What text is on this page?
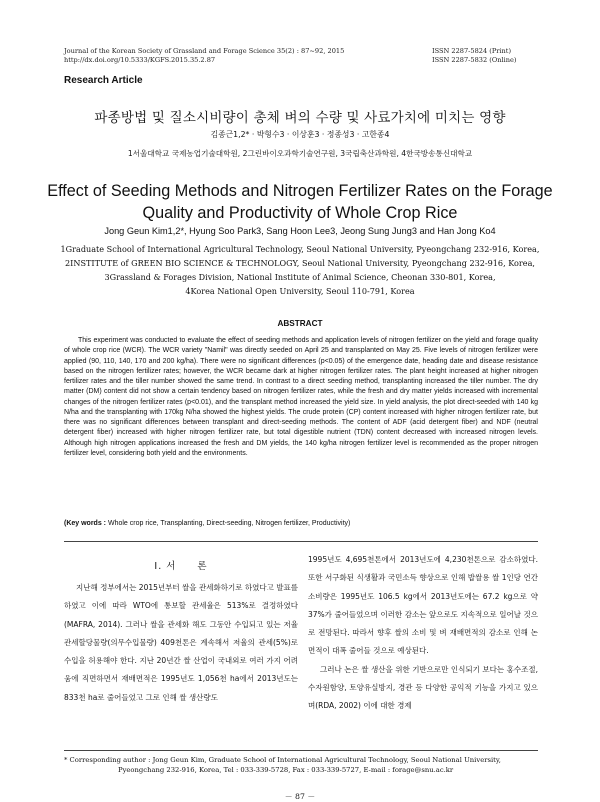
Journal of the Korean Society of Grassland and Forage Science 35(2) : 87~92, 2015
http://dx.doi.org/10.5333/KGFS.2015.35.2.87
ISSN 2287-5824 (Print)
ISSN 2287-5832 (Online)
Research Article
파종방법 및 질소시비량이 총체 벼의 수량 및 사료가치에 미치는 영향
김종근1,2* · 박형수3 · 이상훈3 · 정종성3 · 고한종4
1서울대학교 국제농업기술대학원, 2그린바이오과학기술연구원, 3국립축산과학원, 4한국방송통신대학교
Effect of Seeding Methods and Nitrogen Fertilizer Rates on the Forage Quality and Productivity of Whole Crop Rice
Jong Geun Kim1,2*, Hyung Soo Park3, Sang Hoon Lee3, Jeong Sung Jung3 and Han Jong Ko4
1Graduate School of International Agricultural Technology, Seoul National University, Pyeongchang 232-916, Korea,
2INSTITUTE of GREEN BIO SCIENCE & TECHNOLOGY, Seoul National University, Pyeongchang 232-916, Korea,
3Grassland & Forages Division, National Institute of Animal Science, Cheonan 330-801, Korea,
4Korea National Open University, Seoul 110-791, Korea
ABSTRACT

This experiment was conducted to evaluate the effect of seeding methods and application levels of nitrogen fertilizer on the yield and forage quality of whole crop rice (WCR). The WCR variety "Namil" was directly seeded on April 25 and transplanted on May 25. Five levels of nitrogen fertilizer were applied (90, 110, 140, 170 and 200 kg/ha). There were no significant differences (p<0.05) of the emergence date, heading date and disease resistance based on the nitrogen fertilizer rates; however, the WCR became dark at higher nitrogen fertilizer rates. The plant height increased at higher nitrogen fertilizer rates and the tiller number showed the same trend. In contrast to a direct seeding method, transplanting increased the tiller number. The dry matter (DM) content did not show a certain tendency based on nitrogen fertilizer rates, while the fresh and dry matter yields increased with incremental changes of the nitrogen fertilizer rates (p<0.01), and the transplant method increased the yield size. In yield analysis, the plot direct-seeded with 140 kg N/ha and the transplanting with 170kg N/ha showed the highest yields. The crude protein (CP) content increased with higher nitrogen fertilizer rate, but there was no significant differences between transplant and direct-seeding methods. The content of ADF (acid detergent fiber) and NDF (neutral detergent fiber) increased with higher nitrogen fertilizer rate, but total digestible nutrient (TDN) content decreased with increased nitrogen levels. Although high nitrogen applications increased the fresh and DM yields, the 140 kg/ha nitrogen fertilizer level is recommended as the proper nitrogen fertilizer level, considering both yield and the environments.

(Key words : Whole crop rice, Transplanting, Direct-seeding, Nitrogen fertilizer, Productivity)
Ⅰ. 서　　론

지난해 정부에서는 2015년부터 쌀을 관세화하기로 하였다고 발표를 하였고 이에 따라 WTO에 통보할 관세율은 513%로 결정하였다(MAFRA, 2014). 그러나 쌀을 관세화 해도 그동안 수입되고 있는 저율관세할당물량(의무수입물량) 409천톤은 계속해서 저율의 관세(5%)로 수입을 허용해야 한다. 지난 20년간 쌀 산업이 국내외로 여러 가지 어려움에 직면하면서 재배면적은 1995년도 1,056천 ha에서 2013년도는 833천 ha로 줄어들었고 그로 인해 쌀 생산량도

1995년도 4,695천톤에서 2013년도에 4,230천톤으로 감소하였다. 또한 서구화된 식생활과 국민소득 향상으로 인해 밥쌀용 쌀 1인당 연간 소비량은 1995년도 106.5 kg에서 2013년도에는 67.2 kg으로 약 37%가 줄어들었으며 이러한 감소는 앞으로도 지속적으로 일어날 것으로 전망된다. 따라서 향후 쌀의 소비 및 벼 재배면적의 감소로 인해 논 면적이 대폭 줄어들 것으로 예상된다.

그러나 논은 쌀 생산을 위한 기반으로만 인식되기 보다는 홍수조절, 수자원함양, 토양유실방지, 경관 등 다양한 공익적 기능을 가지고 있으며(RDA, 2002) 이에 대한 경제

* Corresponding author : Jong Geun Kim, Graduate School of International Agricultural Technology, Seoul National University,
Pyeongchang 232-916, Korea, Tel : 033-339-5728, Fax : 033-339-5727, E-mail : forage@snu.ac.kr
－ 87 －
